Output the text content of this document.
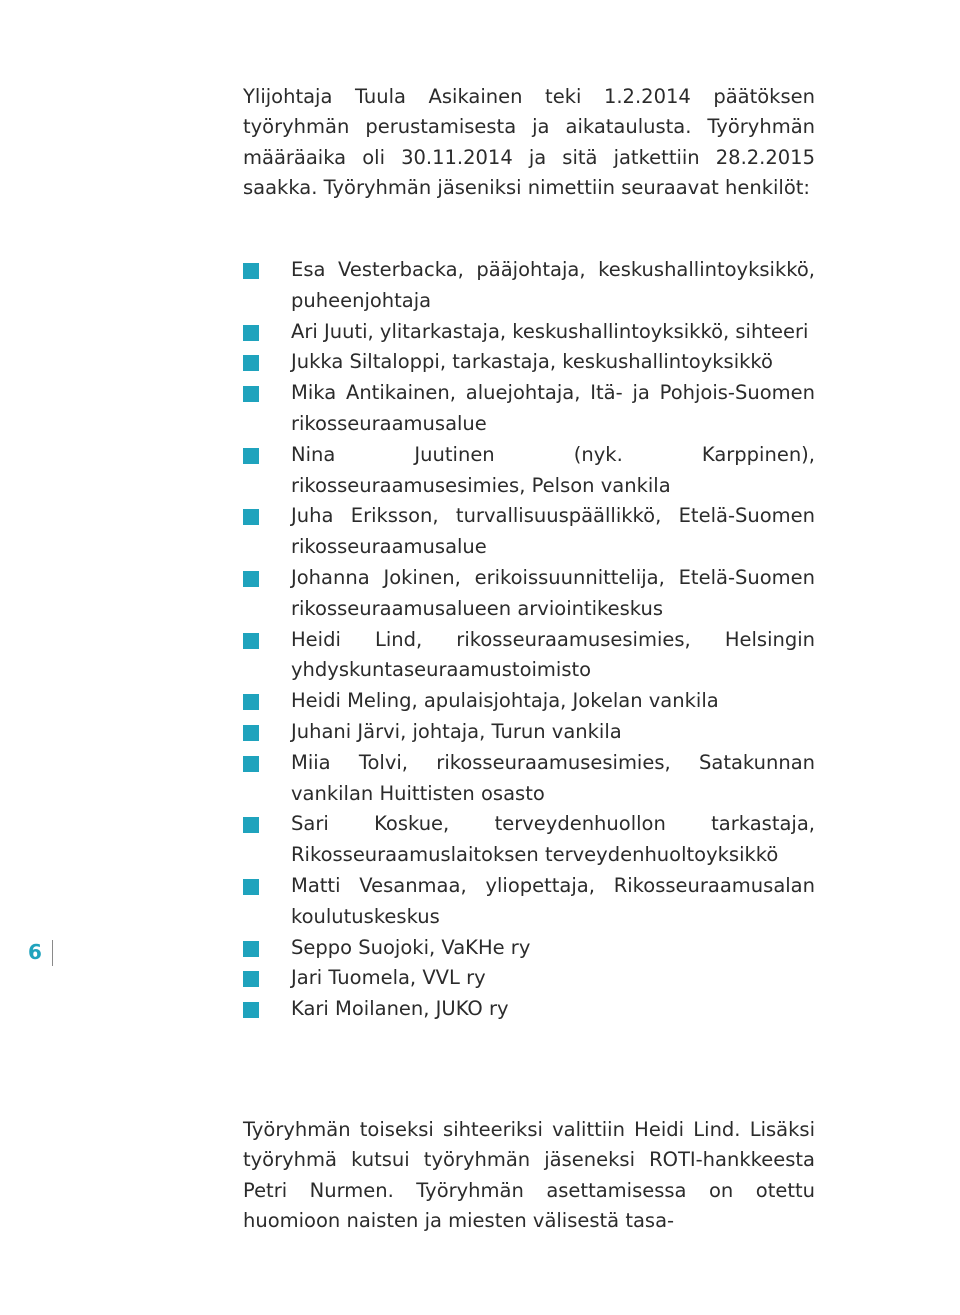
Ylijohtaja Tuula Asikainen teki 1.2.2014 päätöksen työryhmän perustamisesta ja aikataulusta. Työryhmän määräaika oli 30.11.2014 ja sitä jatkettiin 28.2.2015 saakka. Työryhmän jäseniksi nimettiin seuraavat henkilöt:

Esa Vesterbacka, pääjohtaja, keskushallintoyksikkö, puheenjohtaja
Ari Juuti, ylitarkastaja, keskushallintoyksikkö, sihteeri
Jukka Siltaloppi, tarkastaja, keskushallintoyksikkö
Mika Antikainen, aluejohtaja, Itä- ja Pohjois-Suomen rikosseuraamusalue
Nina Juutinen (nyk. Karppinen), rikosseuraamusesimies, Pelson vankila
Juha Eriksson, turvallisuuspäällikkö, Etelä-Suomen rikosseuraamusalue
Johanna Jokinen, erikoissuunnittelija, Etelä-Suomen rikosseuraamusalueen arviointikeskus
Heidi Lind, rikosseuraamusesimies, Helsingin yhdyskuntaseuraamustoimisto
Heidi Meling, apulaisjohtaja, Jokelan vankila
Juhani Järvi, johtaja, Turun vankila
Miia Tolvi, rikosseuraamusesimies, Satakunnan vankilan Huittisten osasto
Sari Koskue, terveydenhuollon tarkastaja, Rikosseuraamuslaitoksen terveydenhuoltoyksikkö
Matti Vesanmaa, yliopettaja, Rikosseuraamusalan koulutuskeskus
Seppo Suojoki, VaKHe ry
Jari Tuomela, VVL ry
Kari Moilanen, JUKO ry

Työryhmän toiseksi sihteeriksi valittiin Heidi Lind. Lisäksi työryhmä kutsui työryhmän jäseneksi ROTI-hankkeesta Petri Nurmen. Työryhmän asettamisessa on otettu huomioon naisten ja miesten välisestä tasa-

6
